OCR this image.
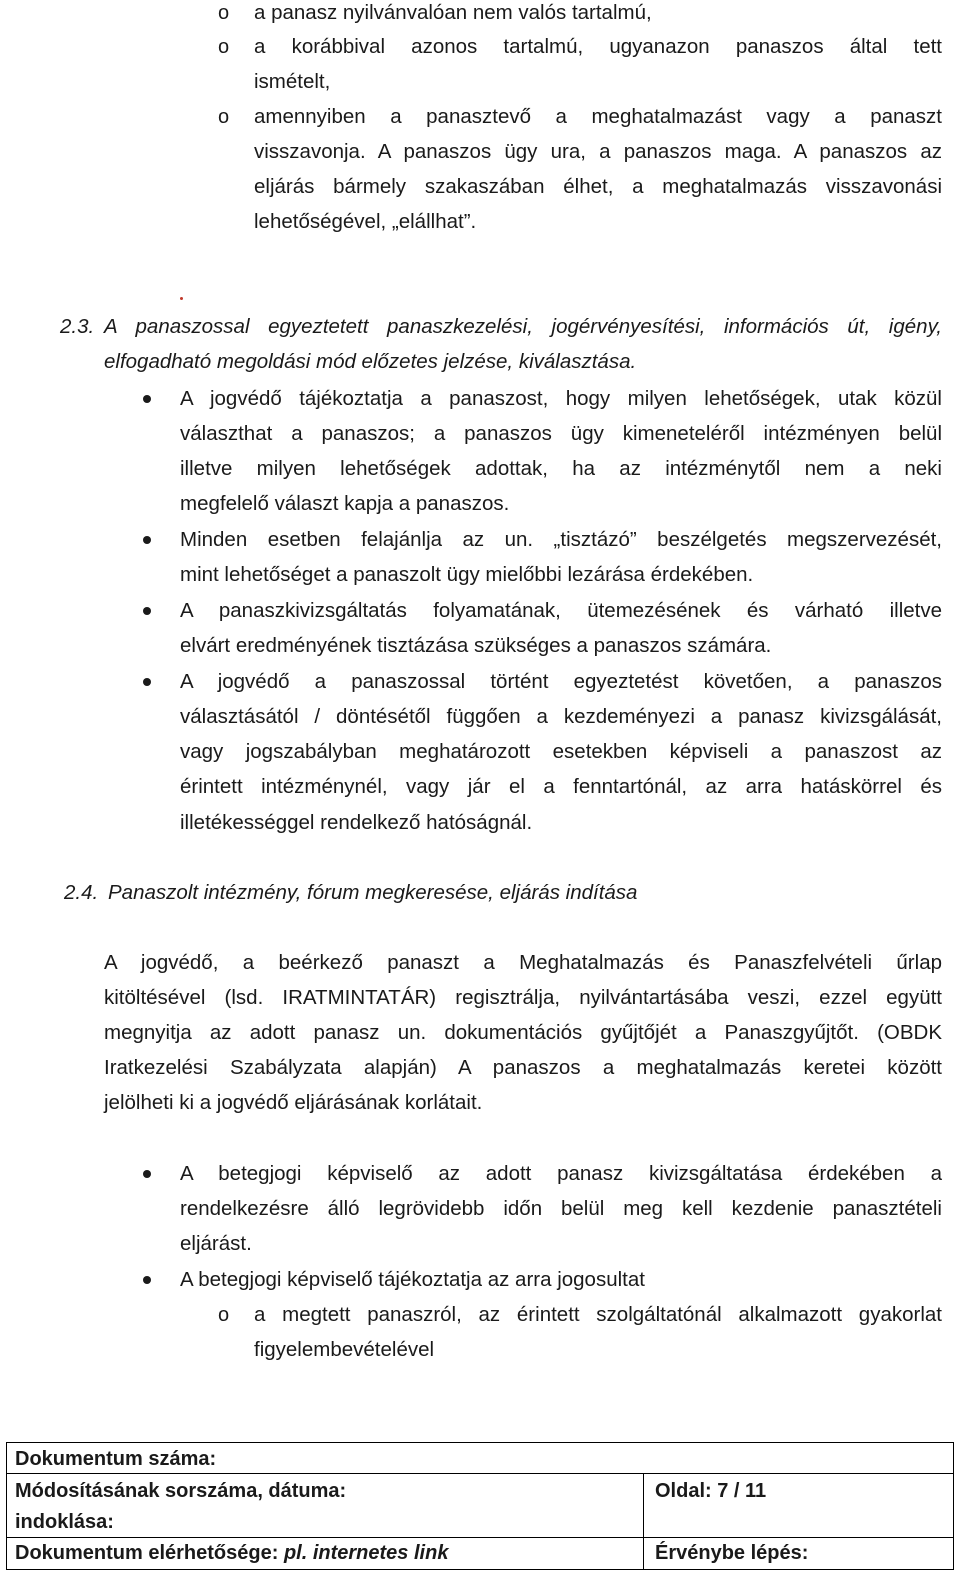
o a panasz nyilvánvalóan nem valós tartalmú,
o a korábbival azonos tartalmú, ugyanazon panaszos által tett
ismételt,
o amennyiben a panasztevő a meghatalmazást vagy a panaszt
visszavonja. A panaszos ügy ura, a panaszos maga. A panaszos az
eljárás bármely szakaszában élhet, a meghatalmazás visszavonási
lehetőségével, „elállhat”.
2.3. A panaszossal egyeztetett panaszkezelési, jogérvényesítési, információs út, igény,
elfogadható megoldási mód előzetes jelzése, kiválasztása.
A jogvédő tájékoztatja a panaszost, hogy milyen lehetőségek, utak közül
választhat a panaszos; a panaszos ügy kimeneteléről intézményen belül
illetve milyen lehetőségek adottak, ha az intézménytől nem a neki
megfelelő választ kapja a panaszos.
Minden esetben felajánlja az un. „tisztázó” beszélgetés megszervezését,
mint lehetőséget a panaszolt ügy mielőbbi lezárása érdekében.
A panaszkivizsgáltatás folyamatának, ütemezésének és várható illetve
elvárt eredményének tisztázása szükséges a panaszos számára.
A jogvédő a panaszossal történt egyeztetést követően, a panaszos
választásától / döntésétől függően a kezdeményezi a panasz kivizsgálását,
vagy jogszabályban meghatározott esetekben képviseli a panaszost az
érintett intézménynél, vagy jár el a fenntartónál, az arra hatáskörrel és
illetékességgel rendelkező hatóságnál.
2.4. Panaszolt intézmény, fórum megkeresése, eljárás indítása
A jogvédő, a beérkező panaszt a Meghatalmazás és Panaszfelvételi űrlap
kitöltésével (lsd. IRATMINTATÁR) regisztrálja, nyilvántartásába veszi, ezzel együtt
megnyitja az adott panasz un. dokumentációs gyűjtőjét a Panaszgyűjtőt. (OBDK
Iratkezelési Szabályzata alapján) A panaszos a meghatalmazás keretei között
jelölheti ki a jogvédő eljárásának korlátait.
A betegjogi képviselő az adott panasz kivizsgáltatása érdekében a
rendelkezésre álló legrövidebb időn belül meg kell kezdenie panasztételi
eljárást.
A betegjogi képviselő tájékoztatja az arra jogosultat
o a megtett panaszról, az érintett szolgáltatónál alkalmazott gyakorlat
figyelembevételével
Dokumentum száma:
Módosításának sorszáma, dátuma:
indoklása:
Oldal: 7 / 11
Dokumentum elérhetősége: pl. internetes link	Érvénybe lépés:
